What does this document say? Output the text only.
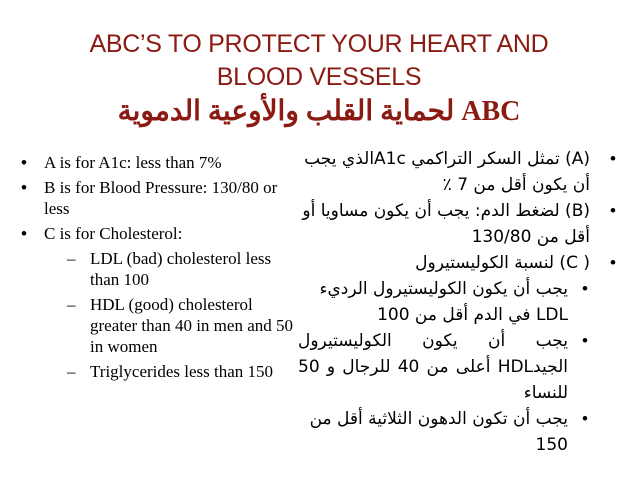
ABC’S TO PROTECT YOUR HEART AND
BLOOD VESSELS
لحماية القلب والأوعية الدموية ABC
• A is for A1c: less than 7%
• B is for Blood Pressure: 130/80 or less
• C is for Cholesterol:
– LDL (bad) cholesterol less than 100
– HDL (good) cholesterol greater than 40 in men and 50 in women
– Triglycerides less than 150
•
(A) تمثل السكر التراكمي A1cالذي يجب أن يكون أقل من 7 ٪
•
(B) لضغط الدم: يجب أن يكون مساويا أو أقل من 130/80
•
( C) لنسبة الكوليستيرول
•
يجب أن يكون الكوليستيرول الرديء LDL في الدم أقل من 100
•
يجب أن يكون الكوليستيرول الجيدHDL أعلى من 40 للرجال و 50 للنساء
•
يجب أن تكون الدهون الثلاثية أقل من 150
